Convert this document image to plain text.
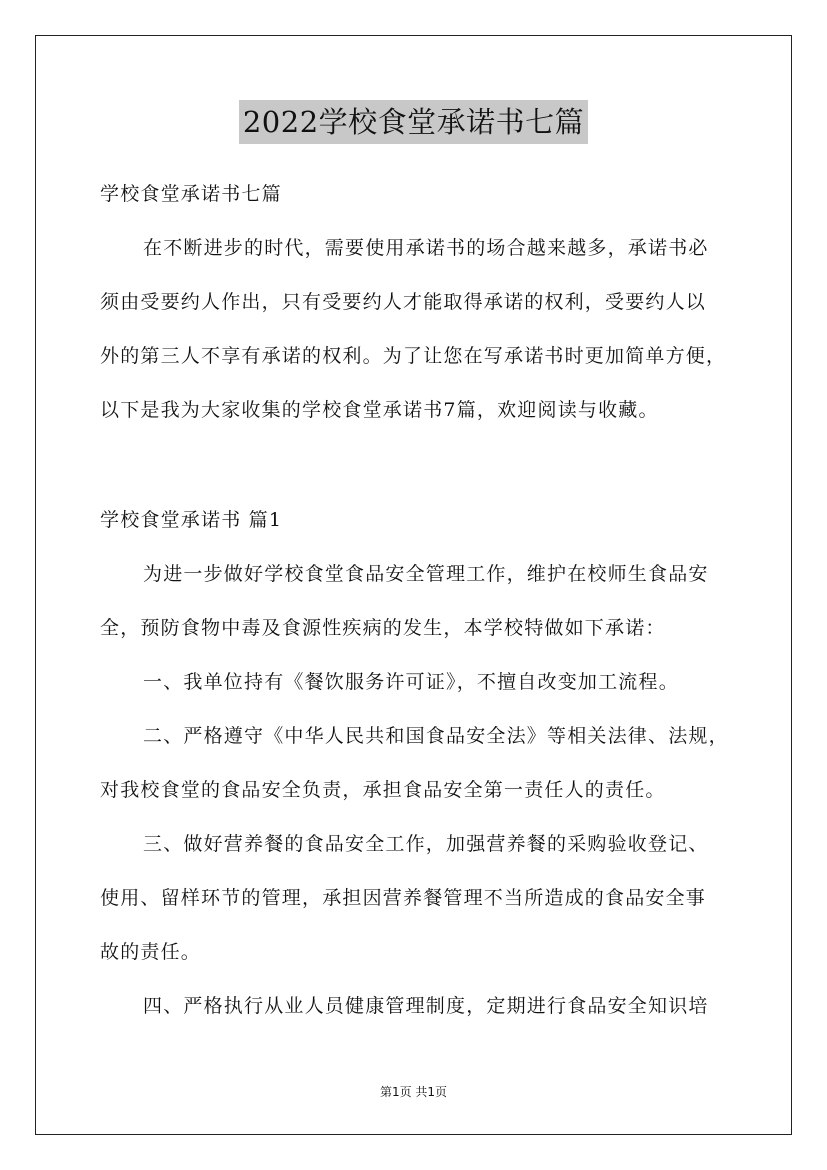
2022学校食堂承诺书七篇
学校食堂承诺书七篇
在不断进步的时代，需要使用承诺书的场合越来越多，承诺书必
须由受要约人作出，只有受要约人才能取得承诺的权利，受要约人以
外的第三人不享有承诺的权利。为了让您在写承诺书时更加简单方便，
以下是我为大家收集的学校食堂承诺书7篇，欢迎阅读与收藏。
学校食堂承诺书 篇1
为进一步做好学校食堂食品安全管理工作，维护在校师生食品安
全，预防食物中毒及食源性疾病的发生，本学校特做如下承诺：
一、我单位持有《餐饮服务许可证》，不擅自改变加工流程。
二、严格遵守《中华人民共和国食品安全法》等相关法律、法规，
对我校食堂的食品安全负责，承担食品安全第一责任人的责任。
三、做好营养餐的食品安全工作，加强营养餐的采购验收登记、
使用、留样环节的管理，承担因营养餐管理不当所造成的食品安全事
故的责任。
四、严格执行从业人员健康管理制度，定期进行食品安全知识培
第1页 共1页
